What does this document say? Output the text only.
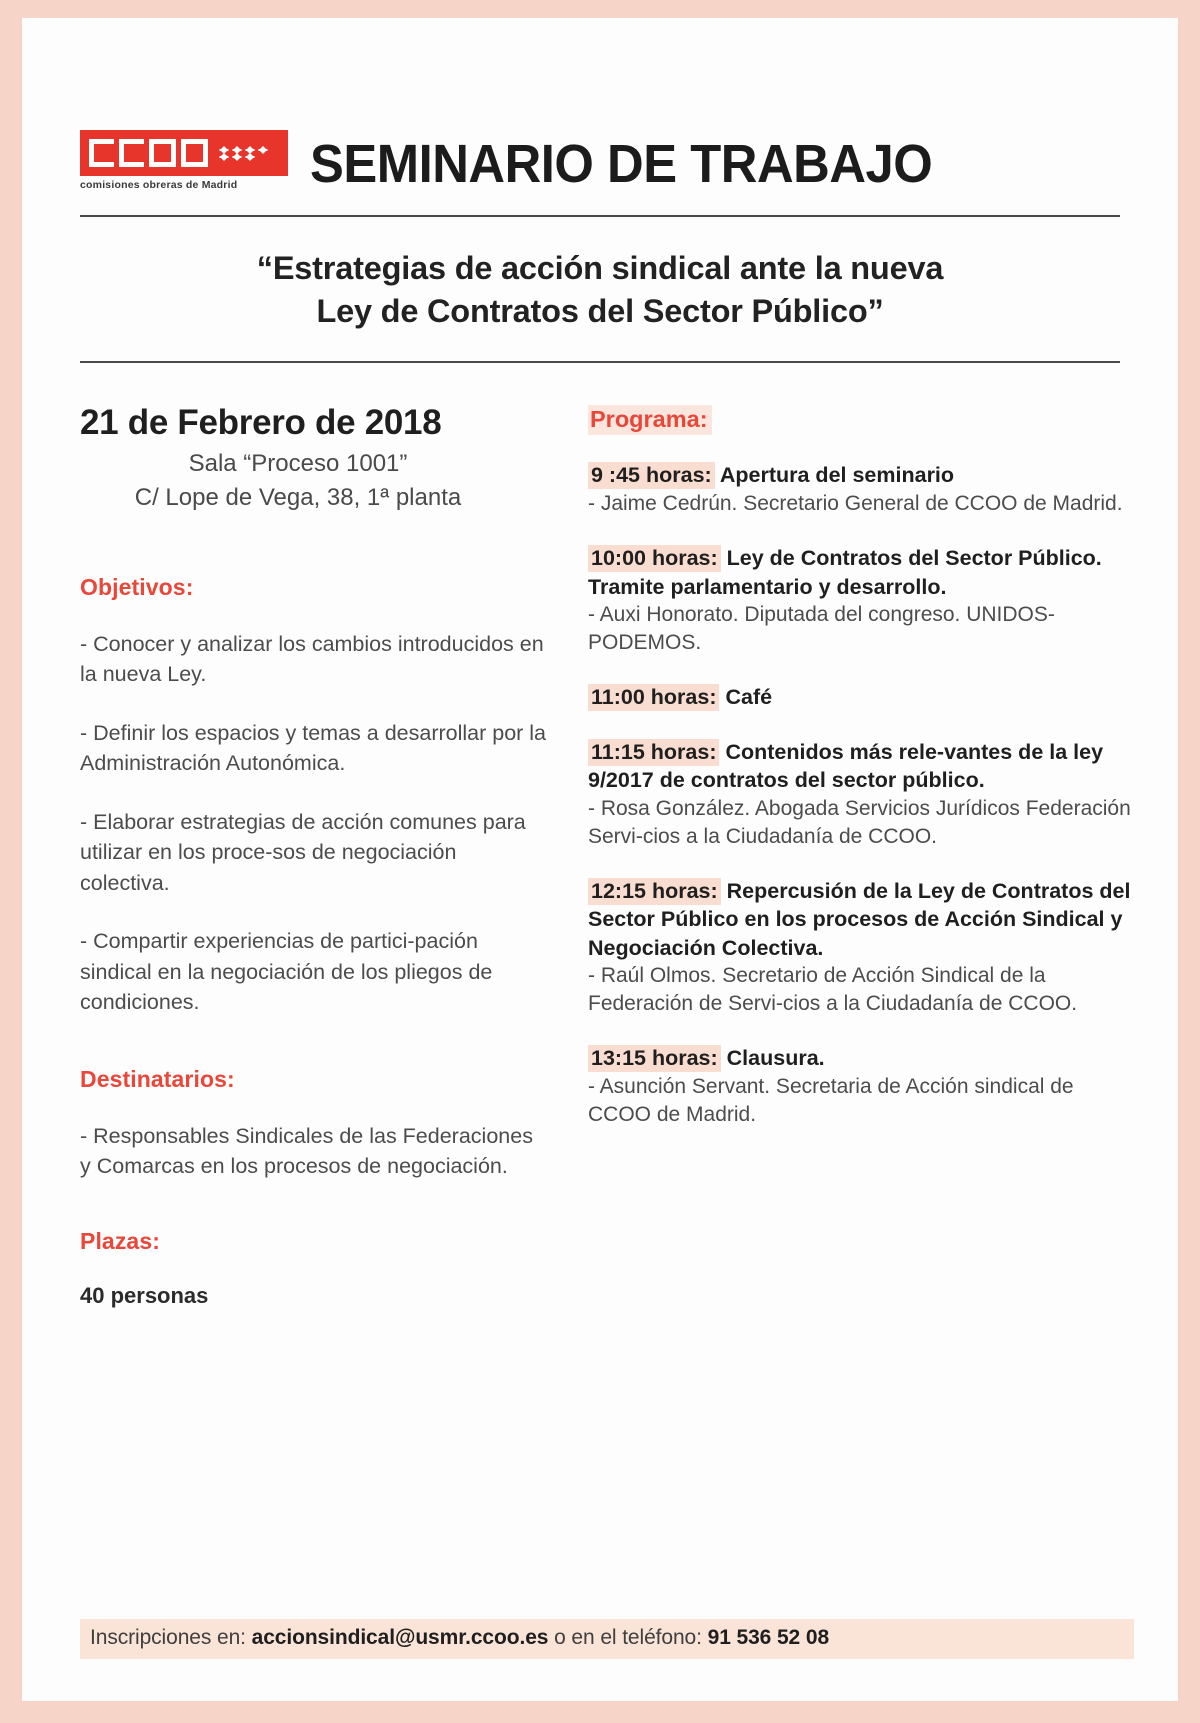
comisiones obreras de Madrid	SEMINARIO DE TRABAJO
“Estrategias de acción sindical ante la nueva
Ley de Contratos del Sector Público”
21 de Febrero de 2018
Sala “Proceso 1001”
C/ Lope de Vega, 38, 1ª planta
Objetivos:
- Conocer y analizar los cambios introducidos en la nueva Ley.
- Definir los espacios y temas a desarrollar por la Administración Autonómica.
- Elaborar estrategias de acción comunes para utilizar en los proce-sos de negociación colectiva.
- Compartir experiencias de partici-pación sindical en la negociación de los pliegos de condiciones.
Destinatarios:
- Responsables Sindicales de las Federaciones y Comarcas en los procesos de negociación.
Plazas:
40 personas
Programa:
9 :45 horas: Apertura del seminario
- Jaime Cedrún. Secretario General de CCOO de Madrid.
10:00 horas: Ley de Contratos del Sector Público. Tramite parlamentario y desarrollo.
- Auxi Honorato. Diputada del congreso. UNIDOS-PODEMOS.
11:00 horas: Café
11:15 horas: Contenidos más rele-vantes de la ley 9/2017 de contratos del sector público.
- Rosa González. Abogada Servicios Jurídicos Federación Servi-cios a la Ciudadanía de CCOO.
12:15 horas: Repercusión de la Ley de Contratos del Sector Público en los procesos de Acción Sindical y Negociación Colectiva.
- Raúl Olmos. Secretario de Acción Sindical de la Federación de Servi-cios a la Ciudadanía de CCOO.
13:15 horas: Clausura.
- Asunción Servant. Secretaria de Acción sindical de CCOO de Madrid.
Inscripciones en: accionsindical@usmr.ccoo.es o en el teléfono: 91 536 52 08
